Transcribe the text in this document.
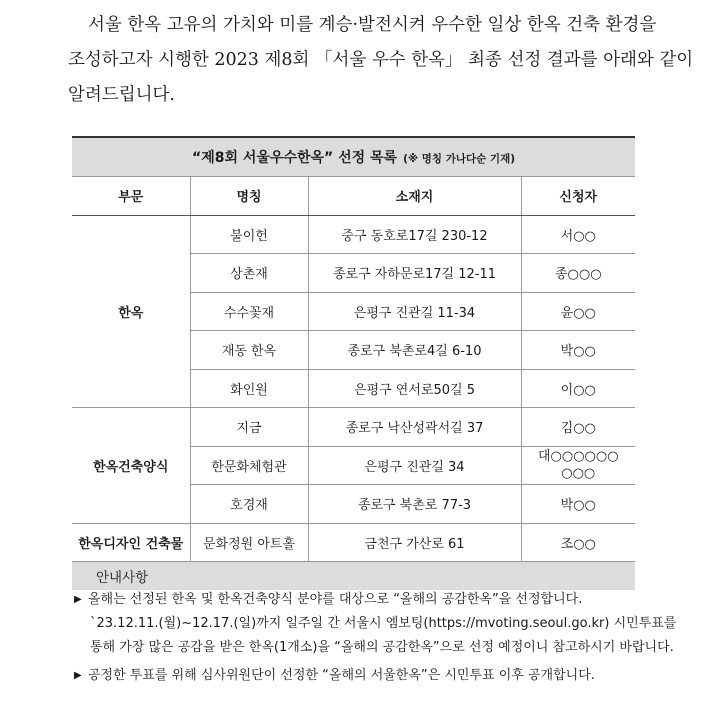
서울 한옥 고유의 가치와 미를 계승·발전시켜 우수한 일상 한옥 건축 환경을
조성하고자 시행한 2023 제8회 「서울 우수 한옥」 최종 선정 결과를 아래와 같이
알려드립니다.
“제8회 서울우수한옥” 선정 목록 (※ 명칭 가나다순 기재)			
부문	명칭	소재지	신청자
한옥	불이헌	중구 동호로17길 230-12	서○○
	상촌재	종로구 자하문로17길 12-11	종○○○
	수수꽃재	은평구 진관길 11-34	윤○○
	재동 한옥	종로구 북촌로4길 6-10	박○○
	화인원	은평구 연서로50길 5	이○○
한옥건축양식	지금	종로구 낙산성곽서길 37	김○○
	한문화체험관	은평구 진관길 34	대○○○○○○
○○○

	호경재	종로구 북촌로 77-3	박○○
한옥디자인 건축물	문화정원 아트홀	금천구 가산로 61	조○○
안내사항			
▶ 올해는 선정된 한옥 및 한옥건축양식 분야를 대상으로 “올해의 공감한옥”을 선정합니다.
`23.12.11.(월)~12.17.(일)까지 일주일 간 서울시 엠보팅(https://mvoting.seoul.go.kr) 시민투표를
통해 가장 많은 공감을 받은 한옥(1개소)을 “올해의 공감한옥”으로 선정 예정이니 참고하시기 바랍니다.
▶ 공정한 투표를 위해 심사위원단이 선정한 “올해의 서울한옥”은 시민투표 이후 공개합니다.
